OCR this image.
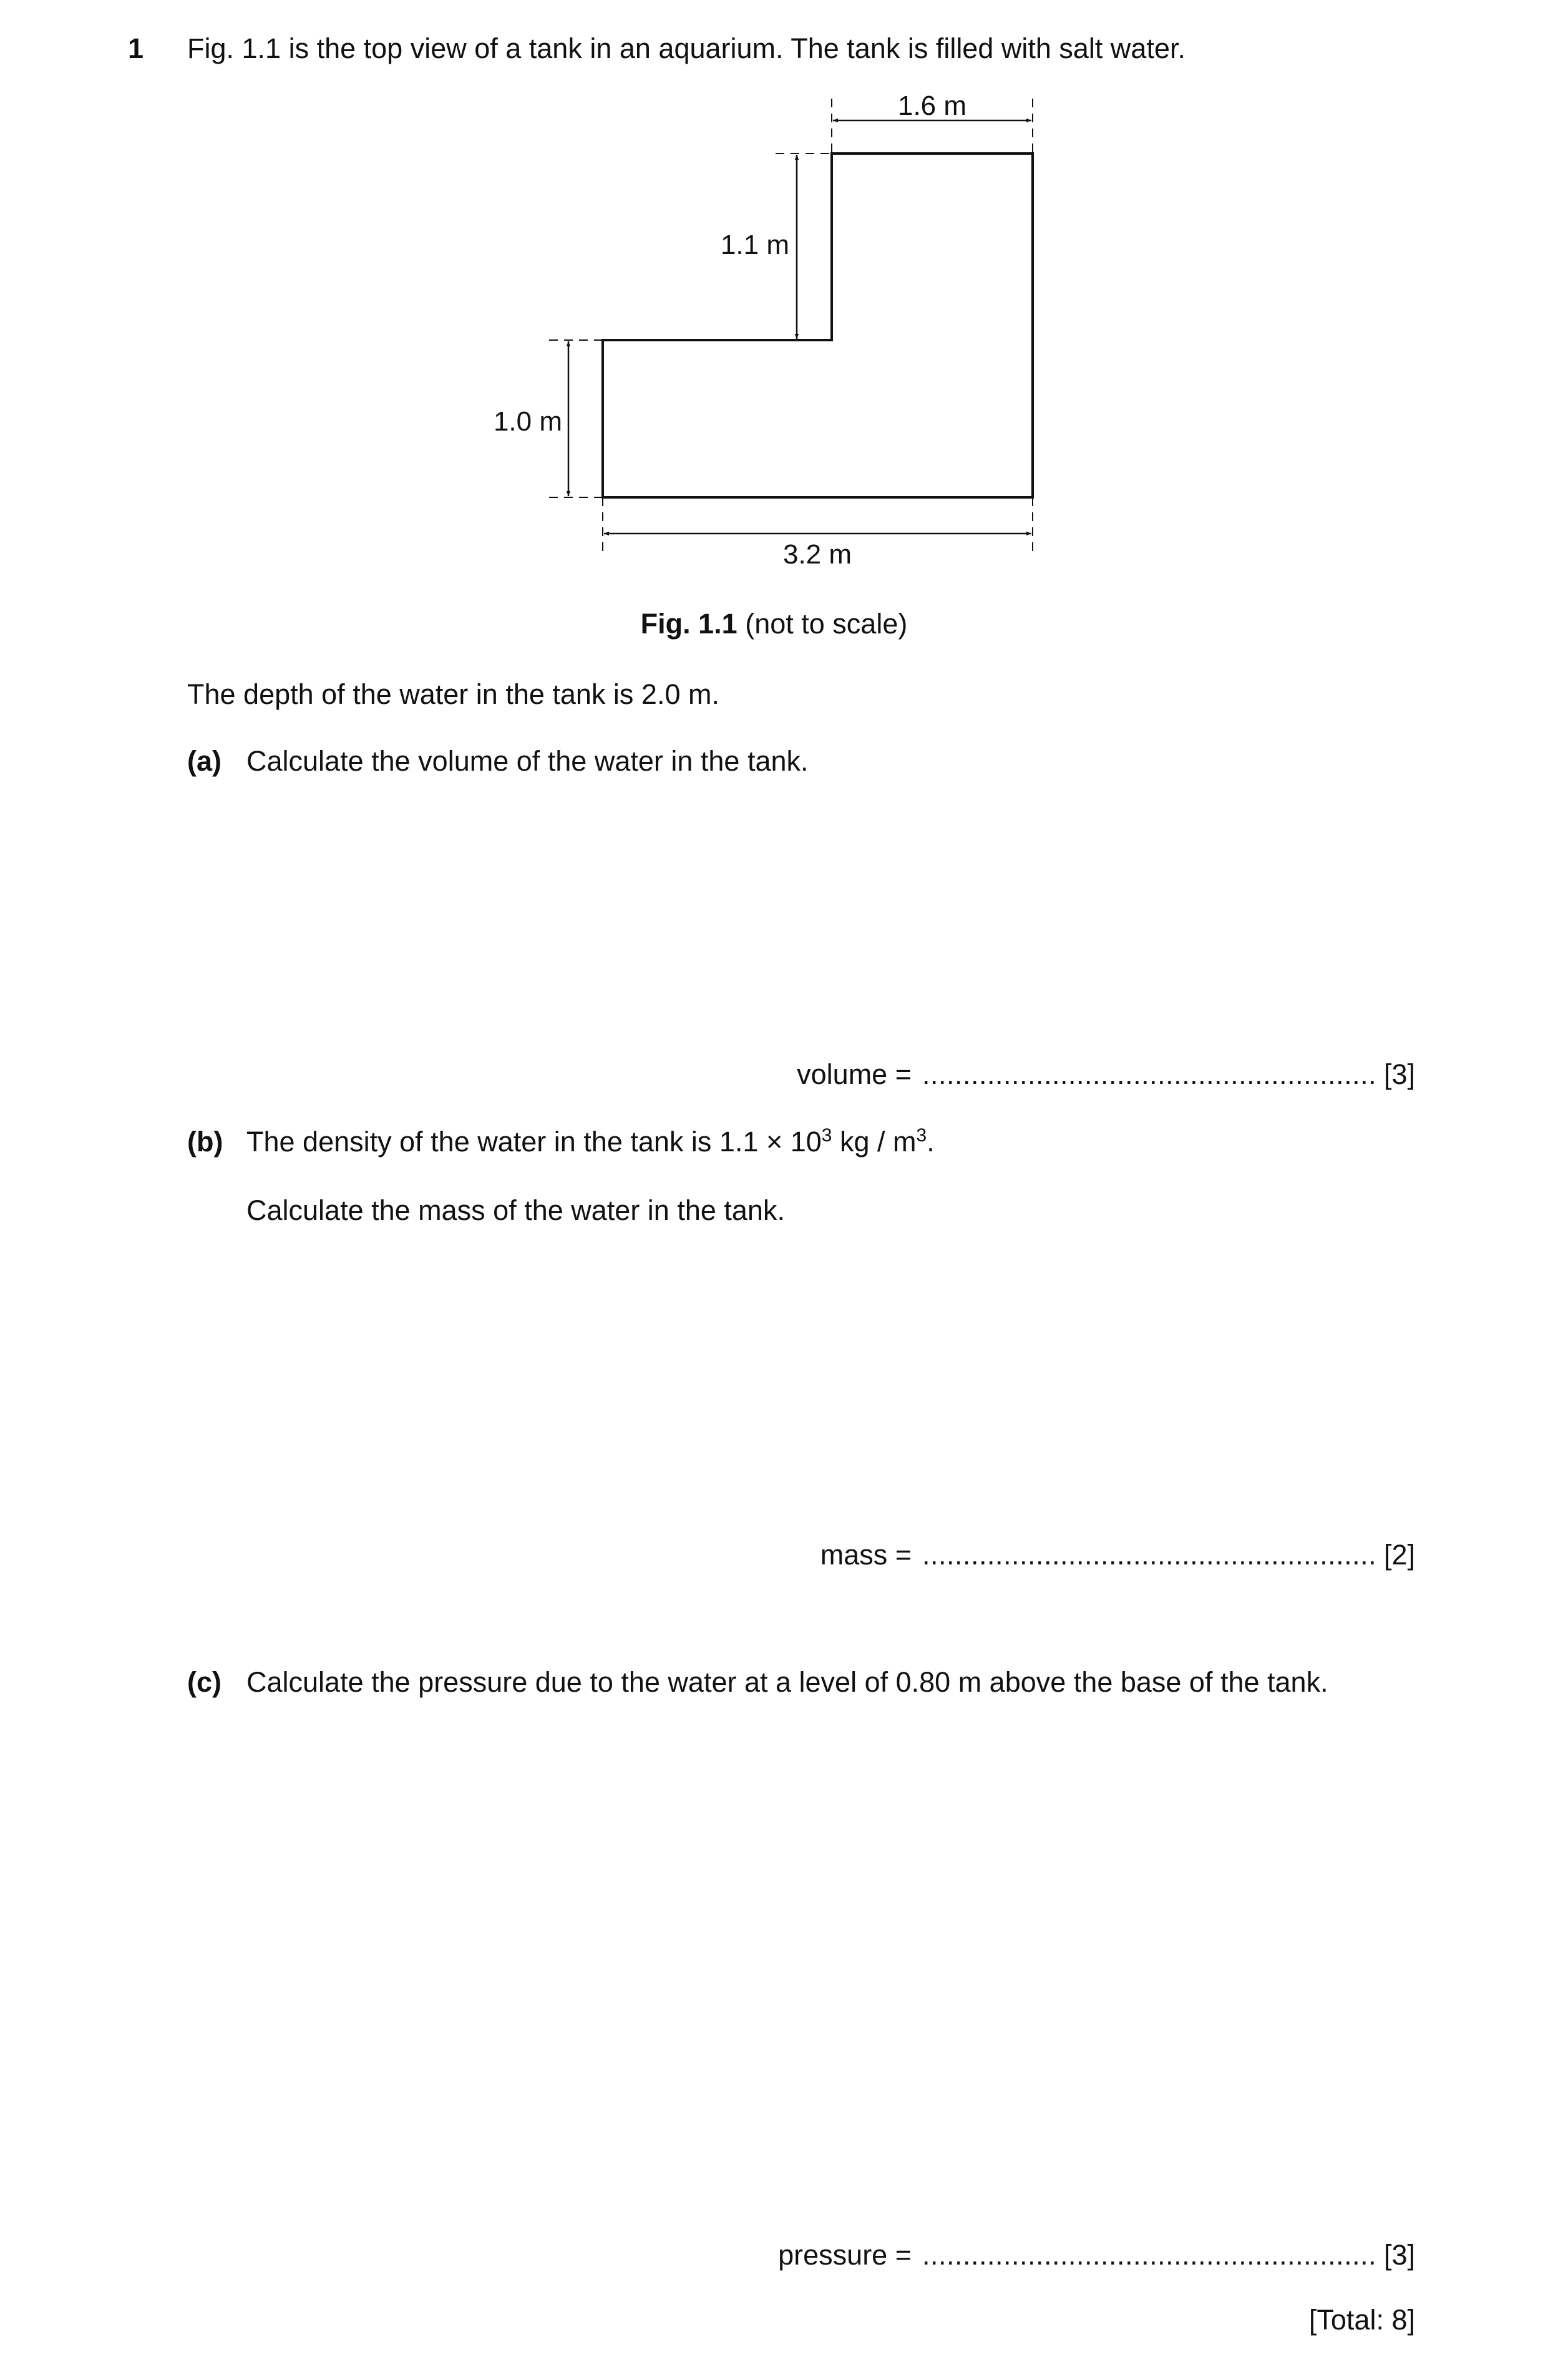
1 Fig. 1.1 is the top view of a tank in an aquarium. The tank is filled with salt water.
1.6 m
1.1 m
1.0 m
3.2 m
Fig. 1.1 (not to scale)
The depth of the water in the tank is 2.0 m.
(a) Calculate the volume of the water in the tank.
volume = ........................................................ [3]
(b) The density of the water in the tank is $1.1 \times 10^3$ kg / $m^3$.
Calculate the mass of the water in the tank.
mass = ........................................................ [2]
(c) Calculate the pressure due to the water at a level of 0.80 m above the base of the tank.
pressure = ........................................................ [3]
[Total: 8]
